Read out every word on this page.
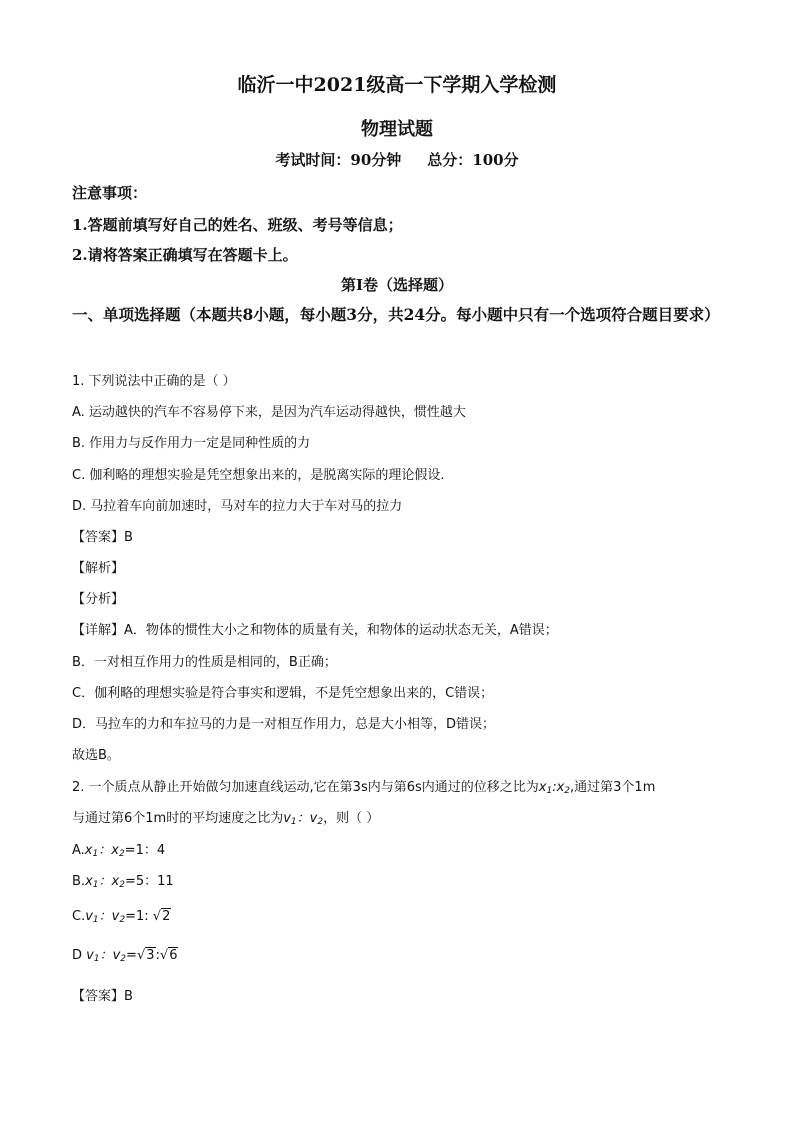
临沂一中2021级高一下学期入学检测
物理试题
考试时间：90分钟 总分：100分
注意事项：
1.答题前填写好自己的姓名、班级、考号等信息；
2.请将答案正确填写在答题卡上。
第I卷（选择题）
一、单项选择题（本题共8小题，每小题3分，共24分。每小题中只有一个选项符合题目要求）
1. 下列说法中正确的是（ ）
A. 运动越快的汽车不容易停下来，是因为汽车运动得越快，惯性越大
B. 作用力与反作用力一定是同种性质的力
C. 伽利略的理想实验是凭空想象出来的，是脱离实际的理论假设.
D. 马拉着车向前加速时，马对车的拉力大于车对马的拉力
【答案】B
【解析】
【分析】
【详解】A．物体的惯性大小之和物体的质量有关，和物体的运动状态无关，A错误；
B．一对相互作用力的性质是相同的，B正确；
C．伽利略的理想实验是符合事实和逻辑，不是凭空想象出来的，C错误；
D．马拉车的力和车拉马的力是一对相互作用力，总是大小相等，D错误；
故选B。
2. 一个质点从静止开始做匀加速直线运动,它在第3s内与第6s内通过的位移之比为$x_1:x_2$,通过第3个1m
与通过第6个1m时的平均速度之比为$v_1$：$v_2$，则（ ）
$A.x_1$：$x_2=1$：4
$B.x_1$：$x_2=5$：11
$C.v_1$：$v_2=1$: √2
D $v_1$：$v_2=√3:√6$
【答案】B
